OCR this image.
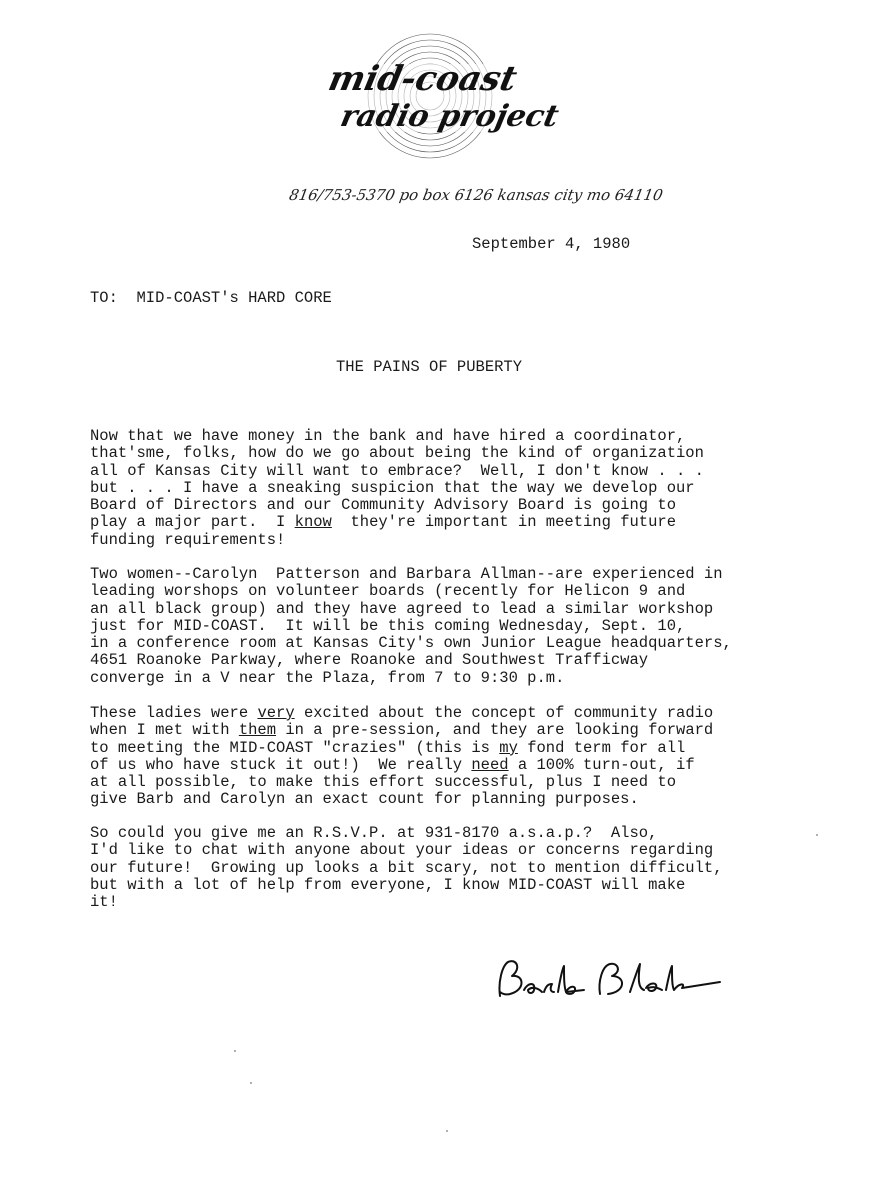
mid-coast
radio project
816/753-5370 po box 6126 kansas city mo 64110
September 4, 1980
TO:  MID-COAST's HARD CORE
THE PAINS OF PUBERTY
Now that we have money in the bank and have hired a coordinator,
that'sme, folks, how do we go about being the kind of organization
all of Kansas City will want to embrace?  Well, I don't know . . .
but . . . I have a sneaking suspicion that the way we develop our
Board of Directors and our Community Advisory Board is going to
play a major part.  I know  they're important in meeting future
funding requirements!
Two women--Carolyn  Patterson and Barbara Allman--are experienced in
leading worshops on volunteer boards (recently for Helicon 9 and
an all black group) and they have agreed to lead a similar workshop
just for MID-COAST.  It will be this coming Wednesday, Sept. 10,
in a conference room at Kansas City's own Junior League headquarters,
4651 Roanoke Parkway, where Roanoke and Southwest Trafficway
converge in a V near the Plaza, from 7 to 9:30 p.m.
These ladies were very excited about the concept of community radio
when I met with them in a pre-session, and they are looking forward
to meeting the MID-COAST "crazies" (this is my fond term for all
of us who have stuck it out!)  We really need a 100% turn-out, if
at all possible, to make this effort successful, plus I need to
give Barb and Carolyn an exact count for planning purposes.
So could you give me an R.S.V.P. at 931-8170 a.s.a.p.?  Also,
I'd like to chat with anyone about your ideas or concerns regarding
our future!  Growing up looks a bit scary, not to mention difficult,
but with a lot of help from everyone, I know MID-COAST will make
it!
